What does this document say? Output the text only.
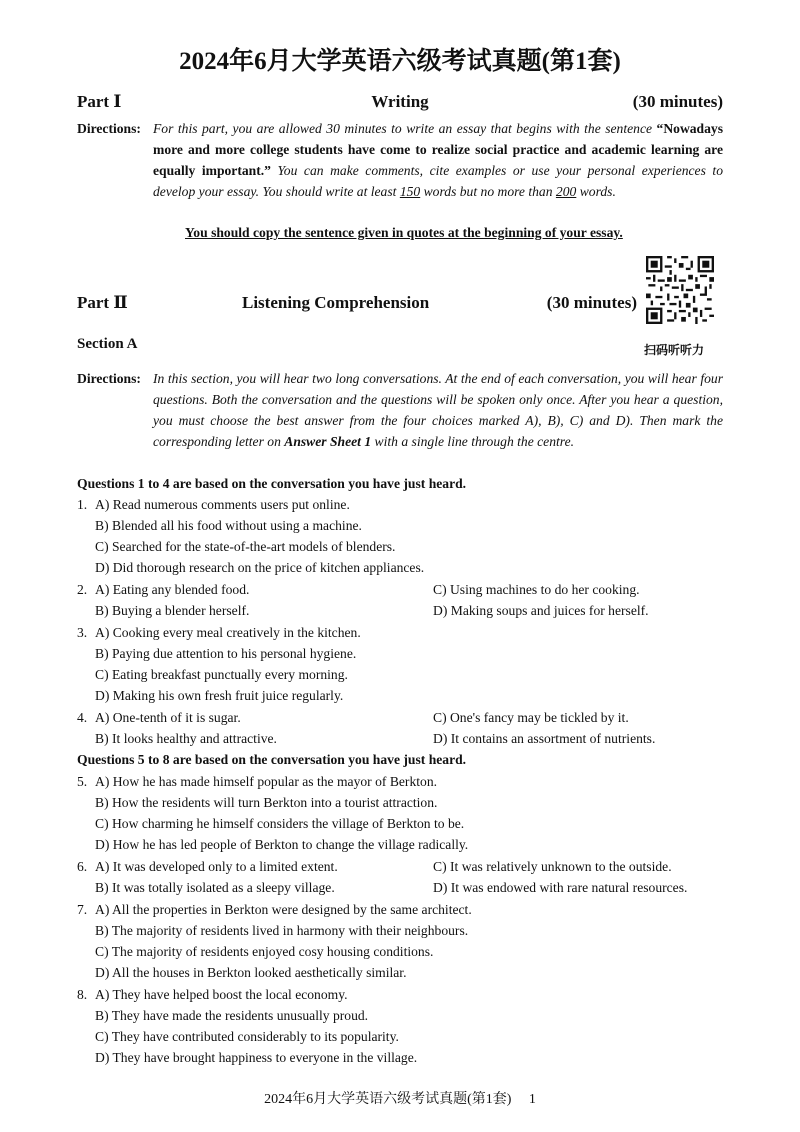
2024年6月大学英语六级考试真题(第1套)
Part Ⅰ	Writing	(30 minutes)
Directions: For this part, you are allowed 30 minutes to write an essay that begins with the sentence “Nowadays more and more college students have come to realize social practice and academic learning are equally important.” You can make comments, cite examples or use your personal experiences to develop your essay. You should write at least 150 words but no more than 200 words.
You should copy the sentence given in quotes at the beginning of your essay.
Part Ⅱ	Listening Comprehension	(30 minutes)
扫码听听力
Section A
Directions: In this section, you will hear two long conversations. At the end of each conversation, you will hear four questions. Both the conversation and the questions will be spoken only once. After you hear a question, you must choose the best answer from the four choices marked A), B), C) and D). Then mark the corresponding letter on Answer Sheet 1 with a single line through the centre.
Questions 1 to 4 are based on the conversation you have just heard.
1. A) Read numerous comments users put online.
B) Blended all his food without using a machine.
C) Searched for the state-of-the-art models of blenders.
D) Did thorough research on the price of kitchen appliances.
2. A) Eating any blended food.	C) Using machines to do her cooking.
B) Buying a blender herself.	D) Making soups and juices for herself.
3. A) Cooking every meal creatively in the kitchen.
B) Paying due attention to his personal hygiene.
C) Eating breakfast punctually every morning.
D) Making his own fresh fruit juice regularly.
4. A) One-tenth of it is sugar.	C) One's fancy may be tickled by it.
B) It looks healthy and attractive.	D) It contains an assortment of nutrients.
Questions 5 to 8 are based on the conversation you have just heard.
5. A) How he has made himself popular as the mayor of Berkton.
B) How the residents will turn Berkton into a tourist attraction.
C) How charming he himself considers the village of Berkton to be.
D) How he has led people of Berkton to change the village radically.
6. A) It was developed only to a limited extent.	C) It was relatively unknown to the outside.
B) It was totally isolated as a sleepy village.	D) It was endowed with rare natural resources.
7. A) All the properties in Berkton were designed by the same architect.
B) The majority of residents lived in harmony with their neighbours.
C) The majority of residents enjoyed cosy housing conditions.
D) All the houses in Berkton looked aesthetically similar.
8. A) They have helped boost the local economy.
B) They have made the residents unusually proud.
C) They have contributed considerably to its popularity.
D) They have brought happiness to everyone in the village.
2024年6月大学英语六级考试真题(第1套) 1
